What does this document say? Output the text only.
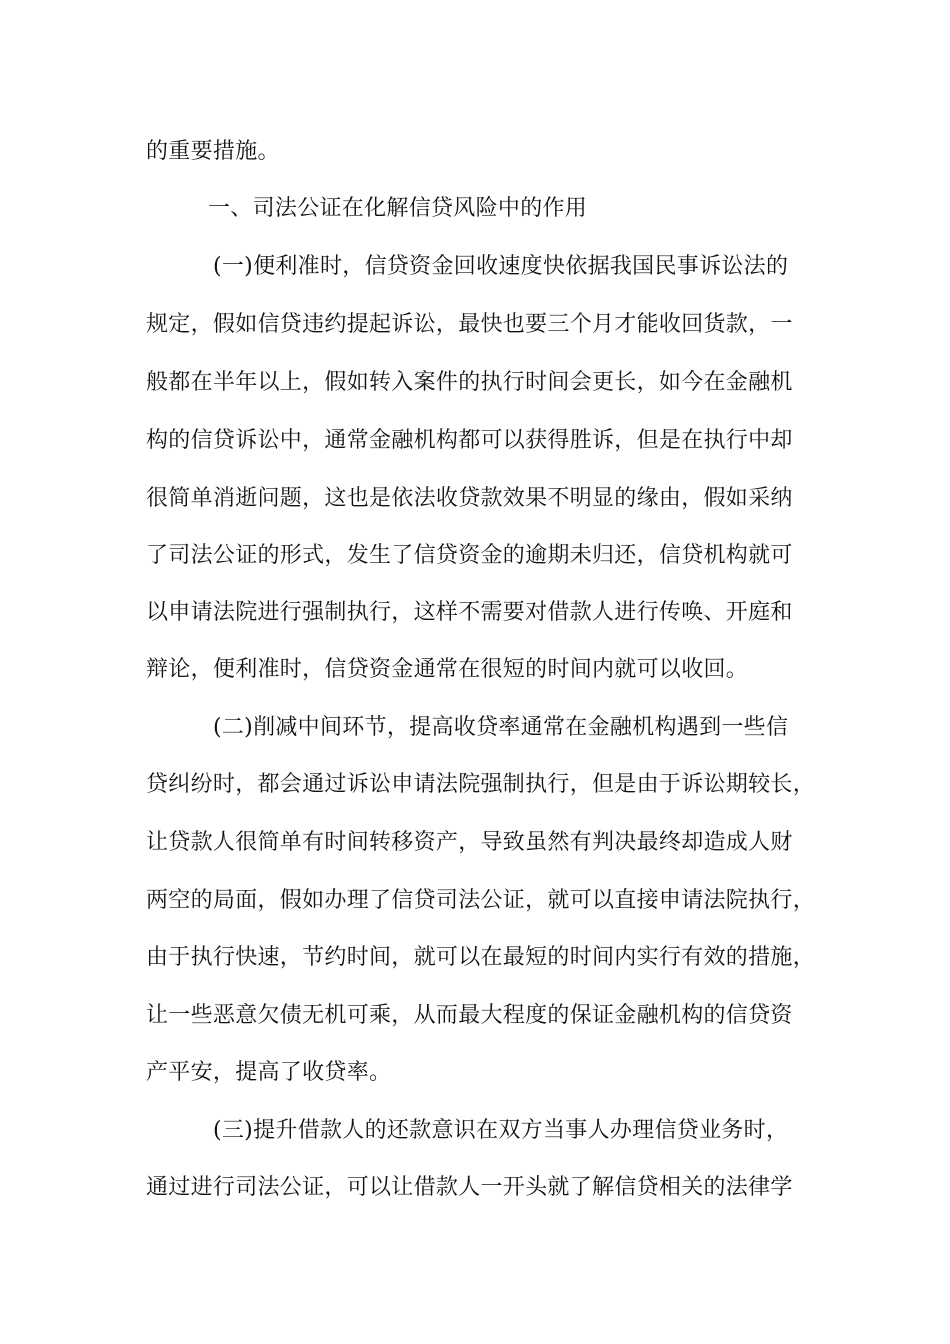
的重要措施。
一、司法公证在化解信贷风险中的作用
(一)便利准时，信贷资金回收速度快依据我国民事诉讼法的
规定，假如信贷违约提起诉讼，最快也要三个月才能收回货款，一
般都在半年以上，假如转入案件的执行时间会更长，如今在金融机
构的信贷诉讼中，通常金融机构都可以获得胜诉，但是在执行中却
很简单消逝问题，这也是依法收贷款效果不明显的缘由，假如采纳
了司法公证的形式，发生了信贷资金的逾期未归还，信贷机构就可
以申请法院进行强制执行，这样不需要对借款人进行传唤、开庭和
辩论，便利准时，信贷资金通常在很短的时间内就可以收回。
(二)削减中间环节，提高收贷率通常在金融机构遇到一些信
贷纠纷时，都会通过诉讼申请法院强制执行，但是由于诉讼期较长，
让贷款人很简单有时间转移资产，导致虽然有判决最终却造成人财
两空的局面，假如办理了信贷司法公证，就可以直接申请法院执行，
由于执行快速，节约时间，就可以在最短的时间内实行有效的措施，
让一些恶意欠债无机可乘，从而最大程度的保证金融机构的信贷资
产平安，提高了收贷率。
(三)提升借款人的还款意识在双方当事人办理信贷业务时，
通过进行司法公证，可以让借款人一开头就了解信贷相关的法律学
